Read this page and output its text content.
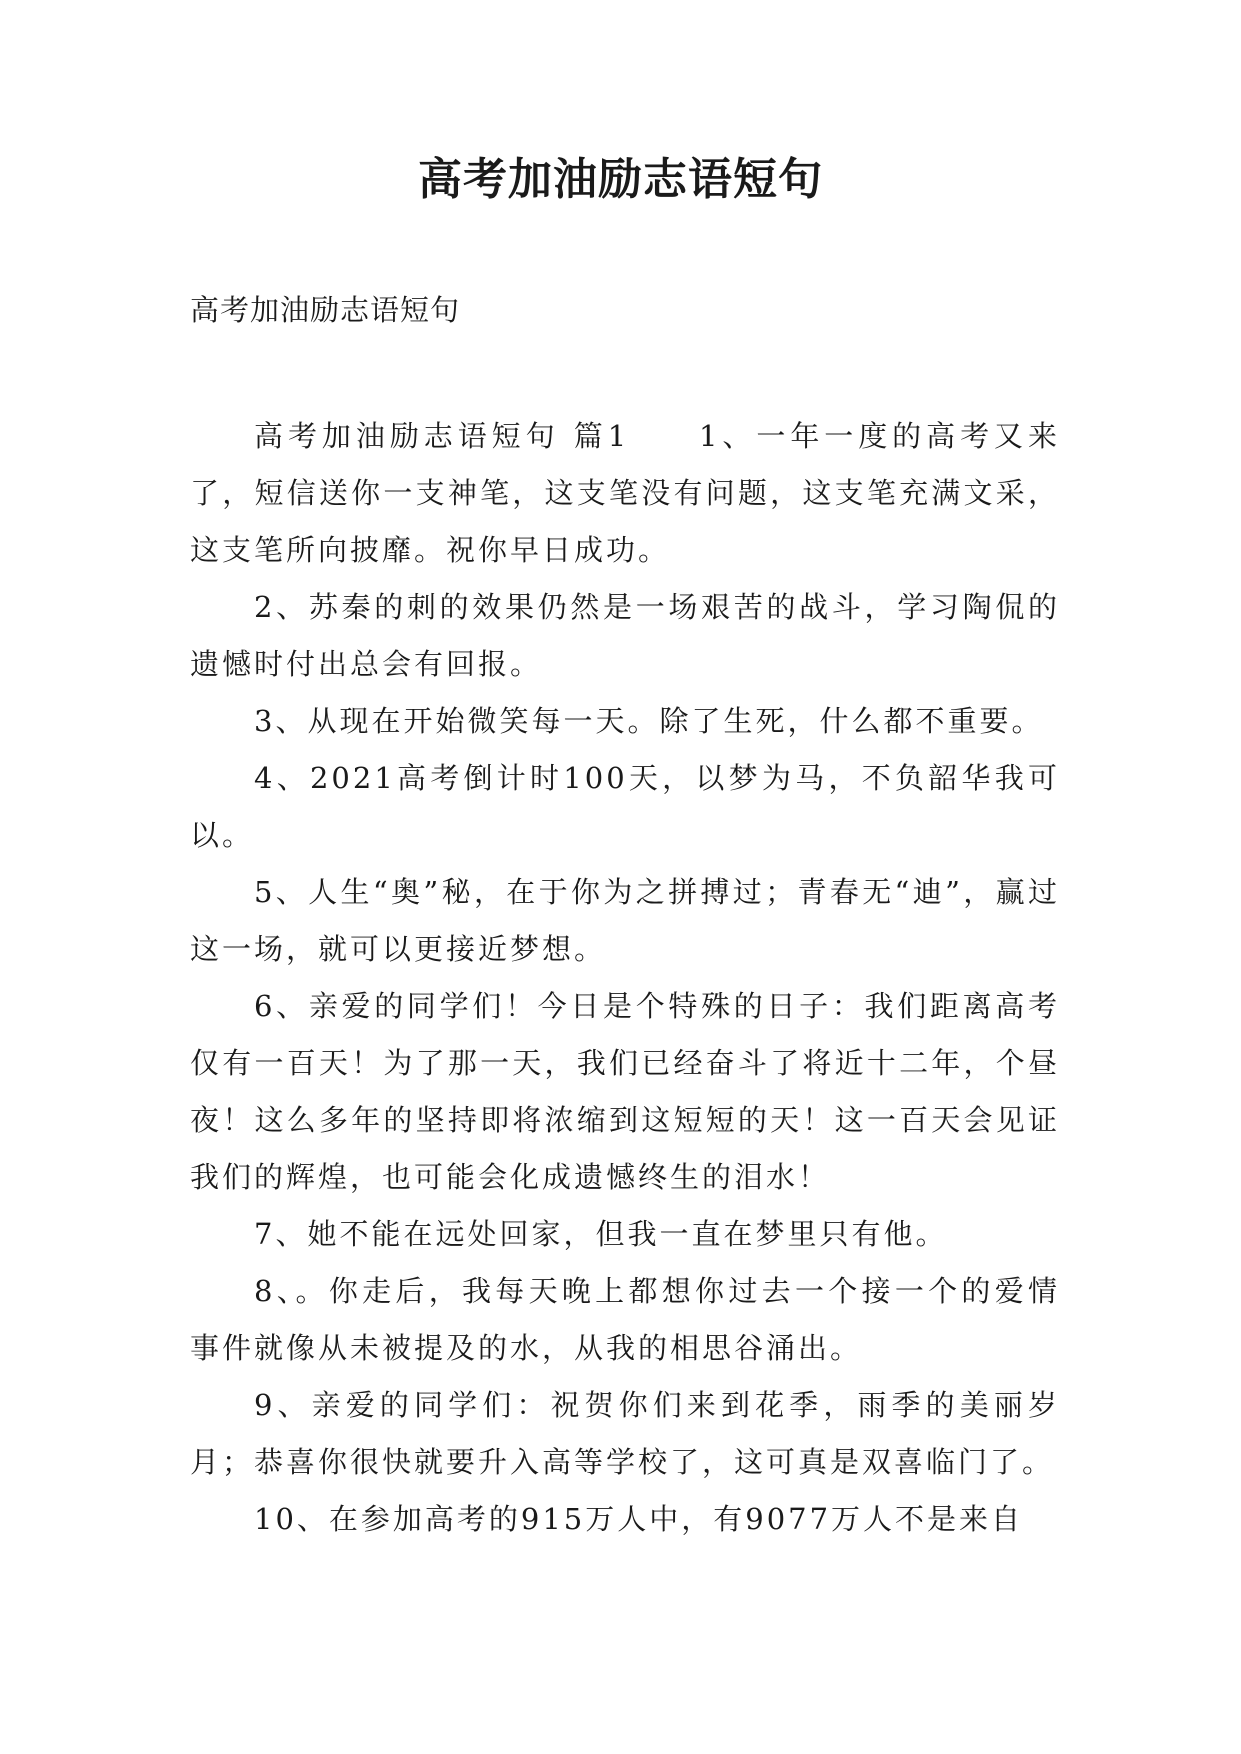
高考加油励志语短句
高考加油励志语短句

高考加油励志语短句 篇1　　1、一年一度的高考又来了，短信送你一支神笔，这支笔没有问题，这支笔充满文采，这支笔所向披靡。祝你早日成功。

2、苏秦的刺的效果仍然是一场艰苦的战斗，学习陶侃的遗憾时付出总会有回报。

3、从现在开始微笑每一天。除了生死，什么都不重要。

4、2021高考倒计时100天，以梦为马，不负韶华我可以。

5、人生“奥”秘，在于你为之拼搏过；青春无“迪”，赢过这一场，就可以更接近梦想。

6、亲爱的同学们！今日是个特殊的日子：我们距离高考仅有一百天！为了那一天，我们已经奋斗了将近十二年，个昼夜！这么多年的坚持即将浓缩到这短短的天！这一百天会见证我们的辉煌，也可能会化成遗憾终生的泪水！

7、她不能在远处回家，但我一直在梦里只有他。

8、。你走后，我每天晚上都想你过去一个接一个的爱情事件就像从未被提及的水，从我的相思谷涌出。

9、亲爱的同学们：祝贺你们来到花季，雨季的美丽岁月；恭喜你很快就要升入高等学校了，这可真是双喜临门了。

10、在参加高考的915万人中，有9077万人不是来自
